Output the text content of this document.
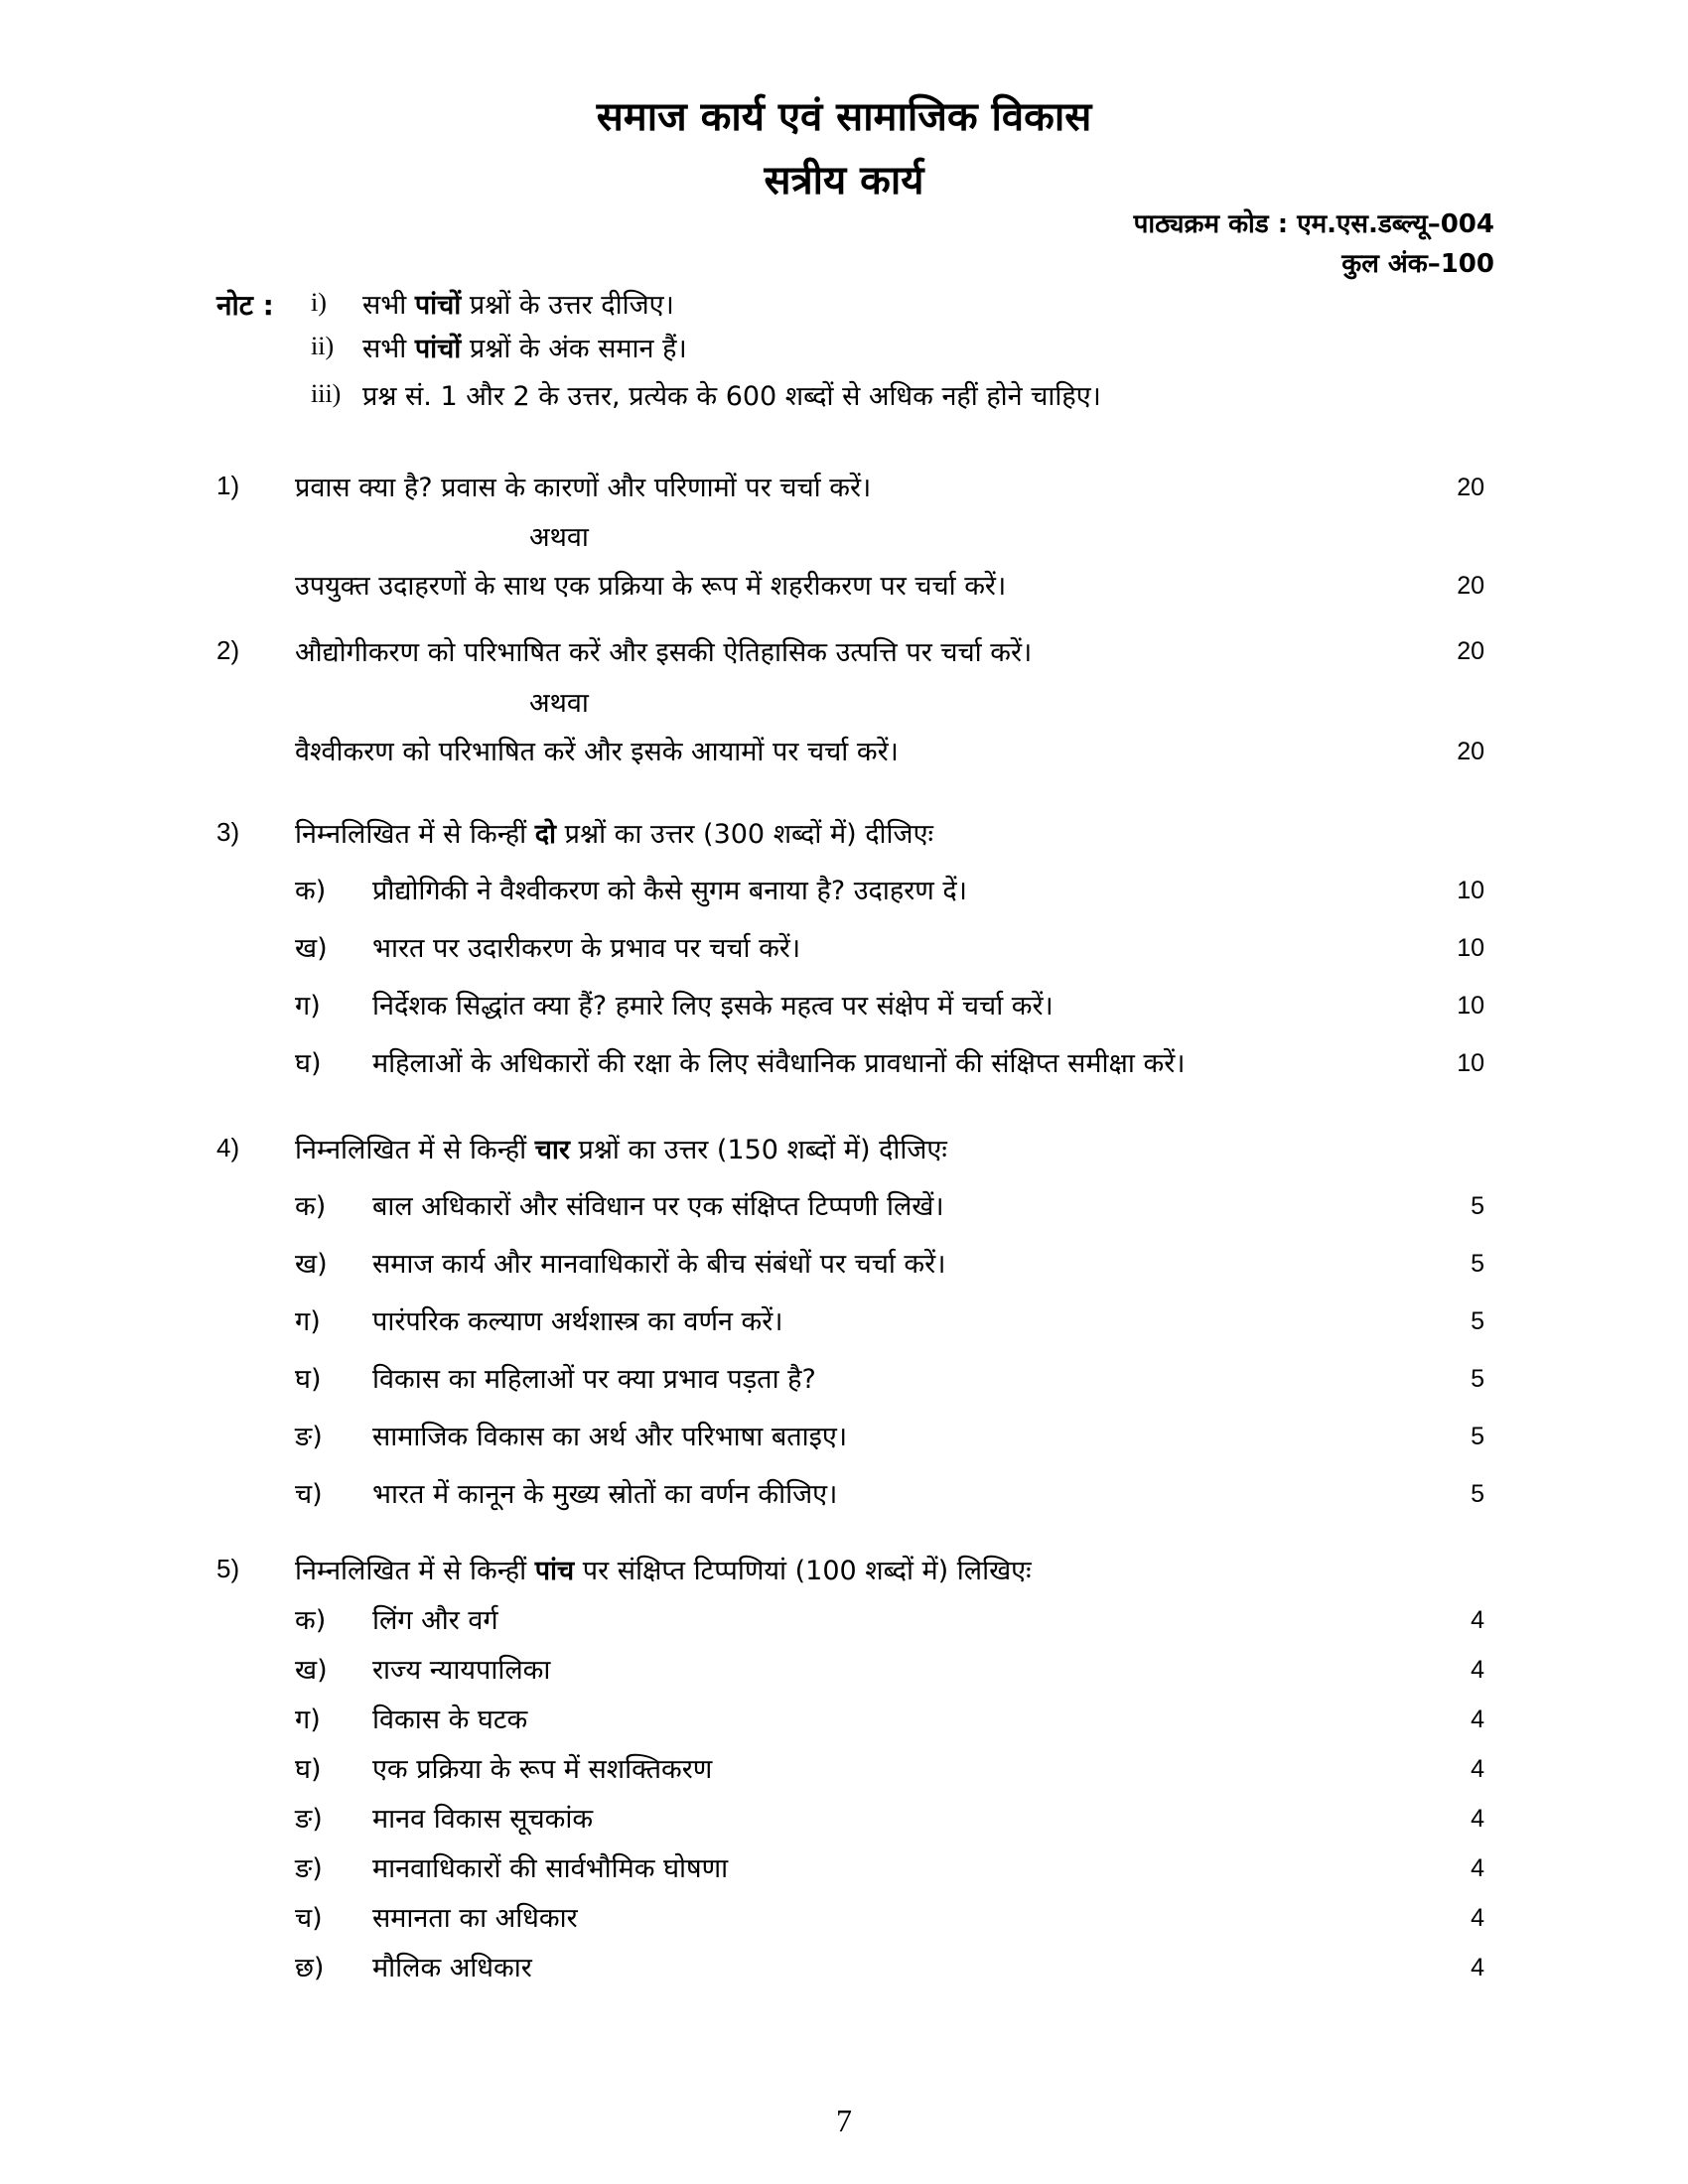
समाज कार्य एवं सामाजिक विकास
सत्रीय कार्य
पाठ्यक्रम कोड : एम.एस.डब्ल्यू–004
कुल अंक–100
नोट : i) सभी पांचों प्रश्नों के उत्तर दीजिए।
ii) सभी पांचों प्रश्नों के अंक समान हैं।
iii) प्रश्न सं. 1 और 2 के उत्तर, प्रत्येक के 600 शब्दों से अधिक नहीं होने चाहिए।
1) प्रवास क्या है? प्रवास के कारणों और परिणामों पर चर्चा करें।	20
अथवा
उपयुक्त उदाहरणों के साथ एक प्रक्रिया के रूप में शहरीकरण पर चर्चा करें।	20
2) औद्योगीकरण को परिभाषित करें और इसकी ऐतिहासिक उत्पत्ति पर चर्चा करें।	20
अथवा
वैश्वीकरण को परिभाषित करें और इसके आयामों पर चर्चा करें।	20
3) निम्नलिखित में से किन्हीं दो प्रश्नों का उत्तर (300 शब्दों में) दीजिएः
क) प्रौद्योगिकी ने वैश्वीकरण को कैसे सुगम बनाया है? उदाहरण दें।	10
ख) भारत पर उदारीकरण के प्रभाव पर चर्चा करें।	10
ग) निर्देशक सिद्धांत क्या हैं? हमारे लिए इसके महत्व पर संक्षेप में चर्चा करें।	10
घ) महिलाओं के अधिकारों की रक्षा के लिए संवैधानिक प्रावधानों की संक्षिप्त समीक्षा करें।	10
4) निम्नलिखित में से किन्हीं चार प्रश्नों का उत्तर (150 शब्दों में) दीजिएः
क) बाल अधिकारों और संविधान पर एक संक्षिप्त टिप्पणी लिखें।	5
ख) समाज कार्य और मानवाधिकारों के बीच संबंधों पर चर्चा करें।	5
ग) पारंपरिक कल्याण अर्थशास्त्र का वर्णन करें।	5
घ) विकास का महिलाओं पर क्या प्रभाव पड़ता है?	5
ङ) सामाजिक विकास का अर्थ और परिभाषा बताइए।	5
च) भारत में कानून के मुख्य स्रोतों का वर्णन कीजिए।	5
5) निम्नलिखित में से किन्हीं पांच पर संक्षिप्त टिप्पणियां (100 शब्दों में) लिखिएः
क) लिंग और वर्ग	4
ख) राज्य न्यायपालिका	4
ग) विकास के घटक	4
घ) एक प्रक्रिया के रूप में सशक्तिकरण	4
ङ) मानव विकास सूचकांक	4
ङ) मानवाधिकारों की सार्वभौमिक घोषणा	4
च) समानता का अधिकार	4
छ) मौलिक अधिकार	4
7
